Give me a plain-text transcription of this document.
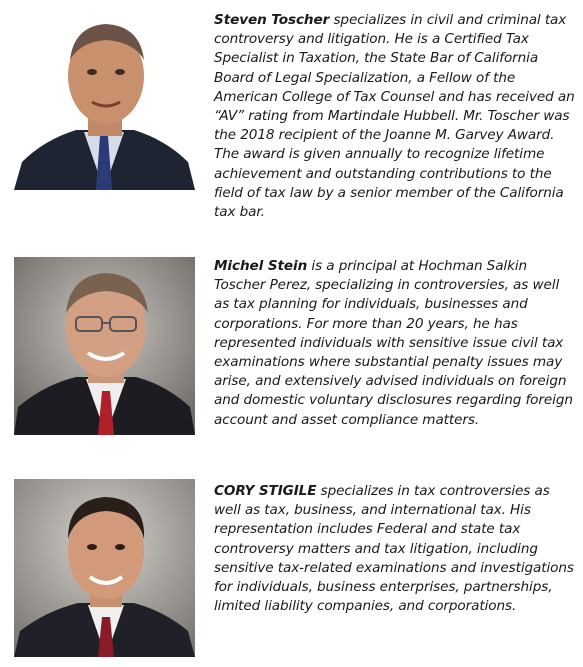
Steven Toscher specializes in civil and criminal tax controversy and litigation. He is a Certified Tax Specialist in Taxation, the State Bar of California Board of Legal Specialization, a Fellow of the American College of Tax Counsel and has received an “AV” rating from Martindale Hubbell. Mr. Toscher was the 2018 recipient of the Joanne M. Garvey Award. The award is given annually to recognize lifetime achievement and outstanding contributions to the field of tax law by a senior member of the California tax bar.
Michel Stein is a principal at Hochman Salkin Toscher Perez, specializing in controversies, as well as tax planning for individuals, businesses and corporations. For more than 20 years, he has represented individuals with sensitive issue civil tax examinations where substantial penalty issues may arise, and extensively advised individuals on foreign and domestic voluntary disclosures regarding foreign account and asset compliance matters.
CORY STIGILE specializes in tax controversies as well as tax, business, and international tax. His representation includes Federal and state tax controversy matters and tax litigation, including sensitive tax-related examinations and investigations for individuals, business enterprises, partnerships, limited liability companies, and corporations.
